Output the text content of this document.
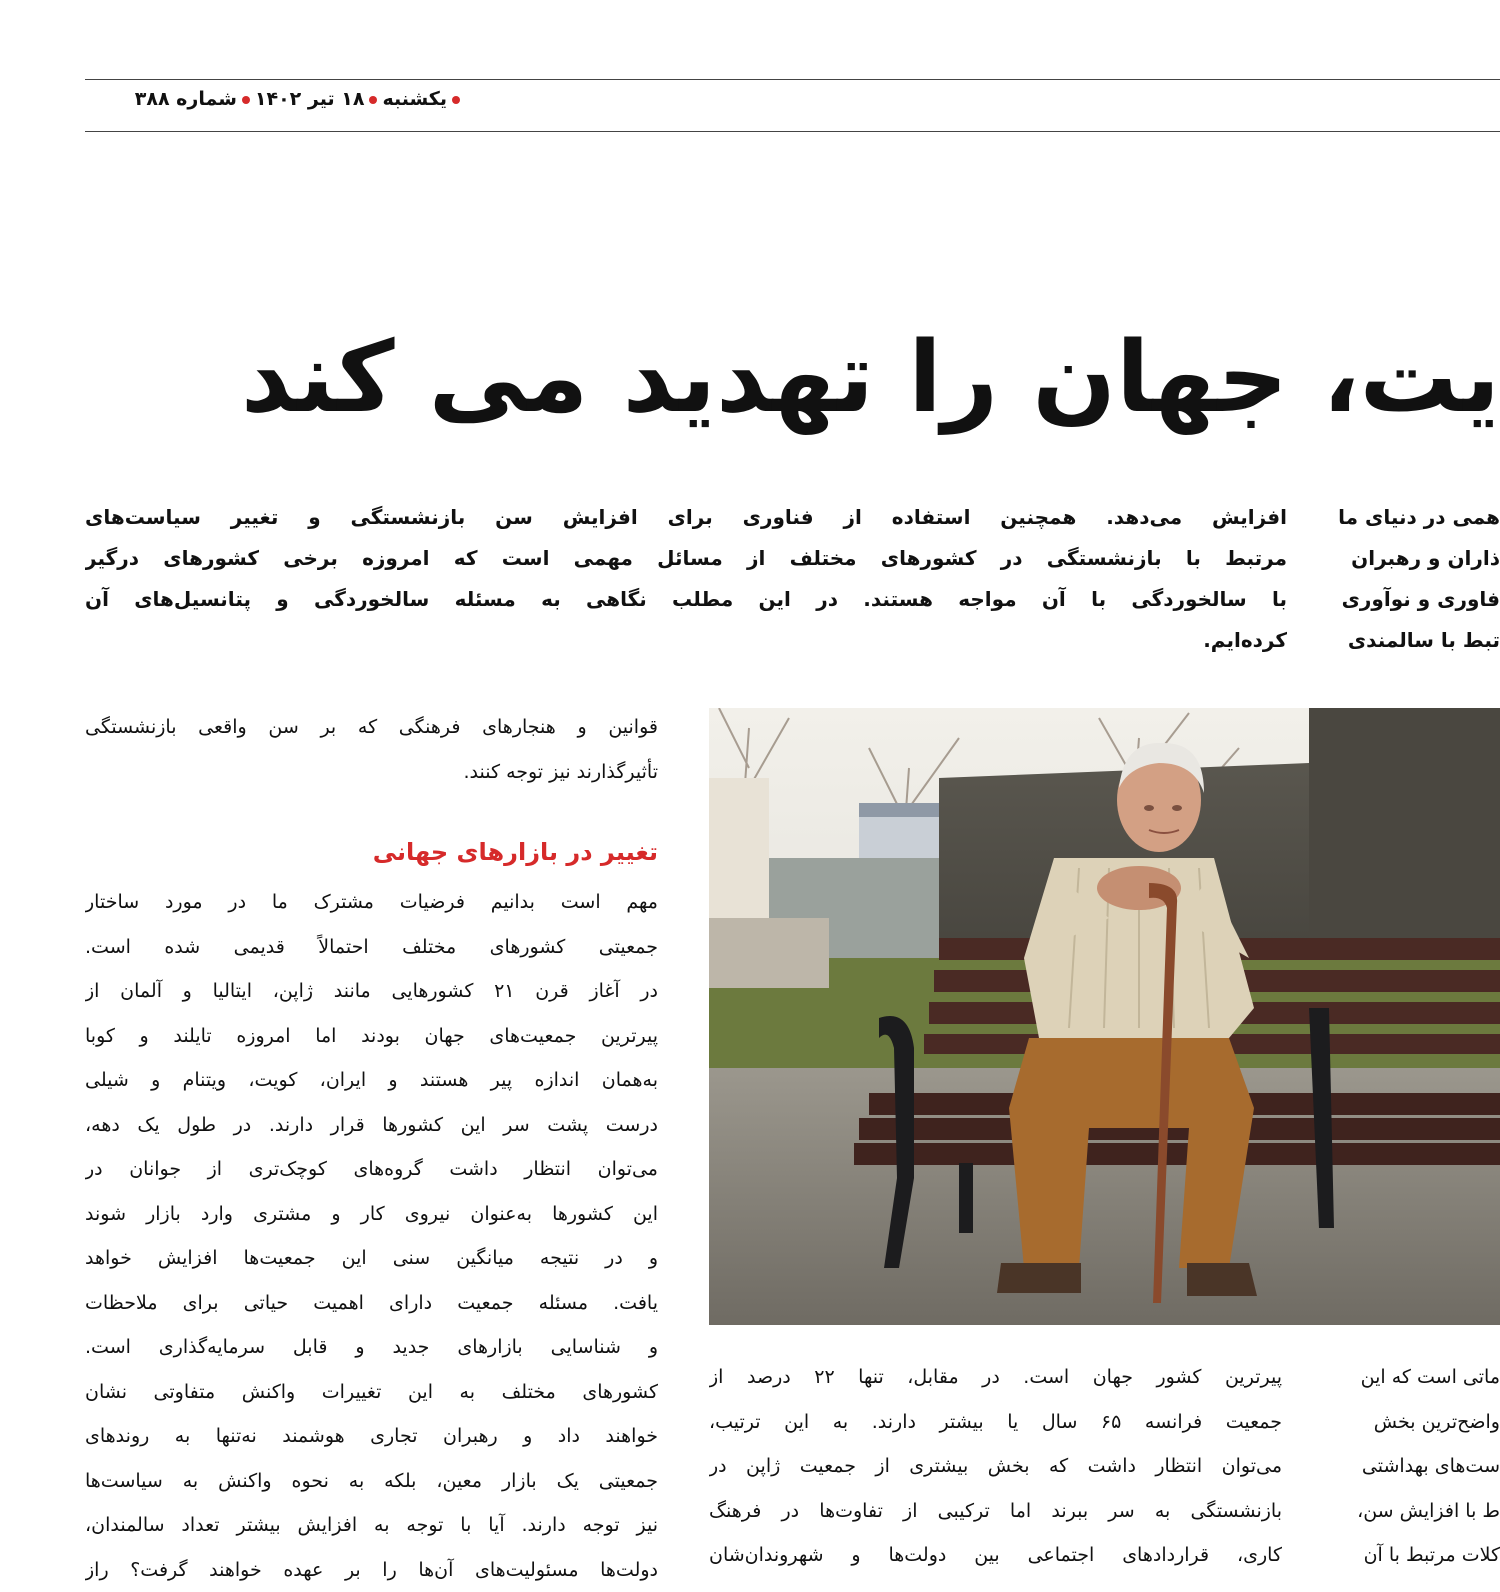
یکشنبه۱۸ تیر ۱۴۰۲شماره ۳۸۸
یت، جهان را تهدید می کند
افزایش می‌دهد. همچنین استفاده از فناوری برای افزایش سن بازنشستگی و تغییر سیاست‌های
مرتبط با بازنشستگی در کشورهای مختلف از مسائل مهمی است که امروزه برخی کشورهای درگیر
با سالخوردگی با آن مواجه هستند. در این مطلب نگاهی به مسئله سالخوردگی و پتانسیل‌های آن
کرده‌ایم.
همی در دنیای ما
ذاران و رهبران
فاوری و نوآوری
تبط با سالمندی
قوانین و هنجارهای فرهنگی که بر سن واقعی بازنشستگی
تأثیرگذارند نیز توجه کنند.
تغییر در بازارهای جهانی
مهم است بدانیم فرضیات مشترک ما در مورد ساختار
جمعیتی کشورهای مختلف احتمالاً قدیمی شده است.
در آغاز قرن ۲۱ کشورهایی مانند ژاپن، ایتالیا و آلمان از
پیرترین جمعیت‌های جهان بودند اما امروزه تایلند و کوبا
به‌همان اندازه پیر هستند و ایران، کویت، ویتنام و شیلی
درست پشت سر این کشورها قرار دارند. در طول یک دهه،
می‌توان انتظار داشت گروه‌های کوچک‌تری از جوانان در
این کشورها به‌عنوان نیروی کار و مشتری وارد بازار شوند
و در نتیجه میانگین سنی این جمعیت‌ها افزایش خواهد
یافت. مسئله جمعیت دارای اهمیت حیاتی برای ملاحظات
و شناسایی بازارهای جدید و قابل سرمایه‌گذاری است.
کشورهای مختلف به این تغییرات واکنش متفاوتی نشان
خواهند داد و رهبران تجاری هوشمند نه‌تنها به روندهای
جمعیتی یک بازار معین، بلکه به نحوه واکنش به سیاست‌ها
نیز توجه دارند. آیا با توجه به افزایش بیشتر تعداد سالمندان،
دولت‌ها مسئولیت‌های آن‌ها را بر عهده خواهند گرفت؟ راز
پیرترین کشور جهان است. در مقابل، تنها ۲۲ درصد از
جمعیت فرانسه ۶۵ سال یا بیشتر دارند. به این ترتیب،
می‌توان انتظار داشت که بخش بیشتری از جمعیت ژاپن در
بازنشستگی به سر ببرند اما ترکیبی از تفاوت‌ها در فرهنگ
کاری، قراردادهای اجتماعی بین دولت‌ها و شهروندان‌شان
ماتی است که این
واضح‌ترین بخش
ست‌های بهداشتی
ط با افزایش سن،
کلات مرتبط با آن
